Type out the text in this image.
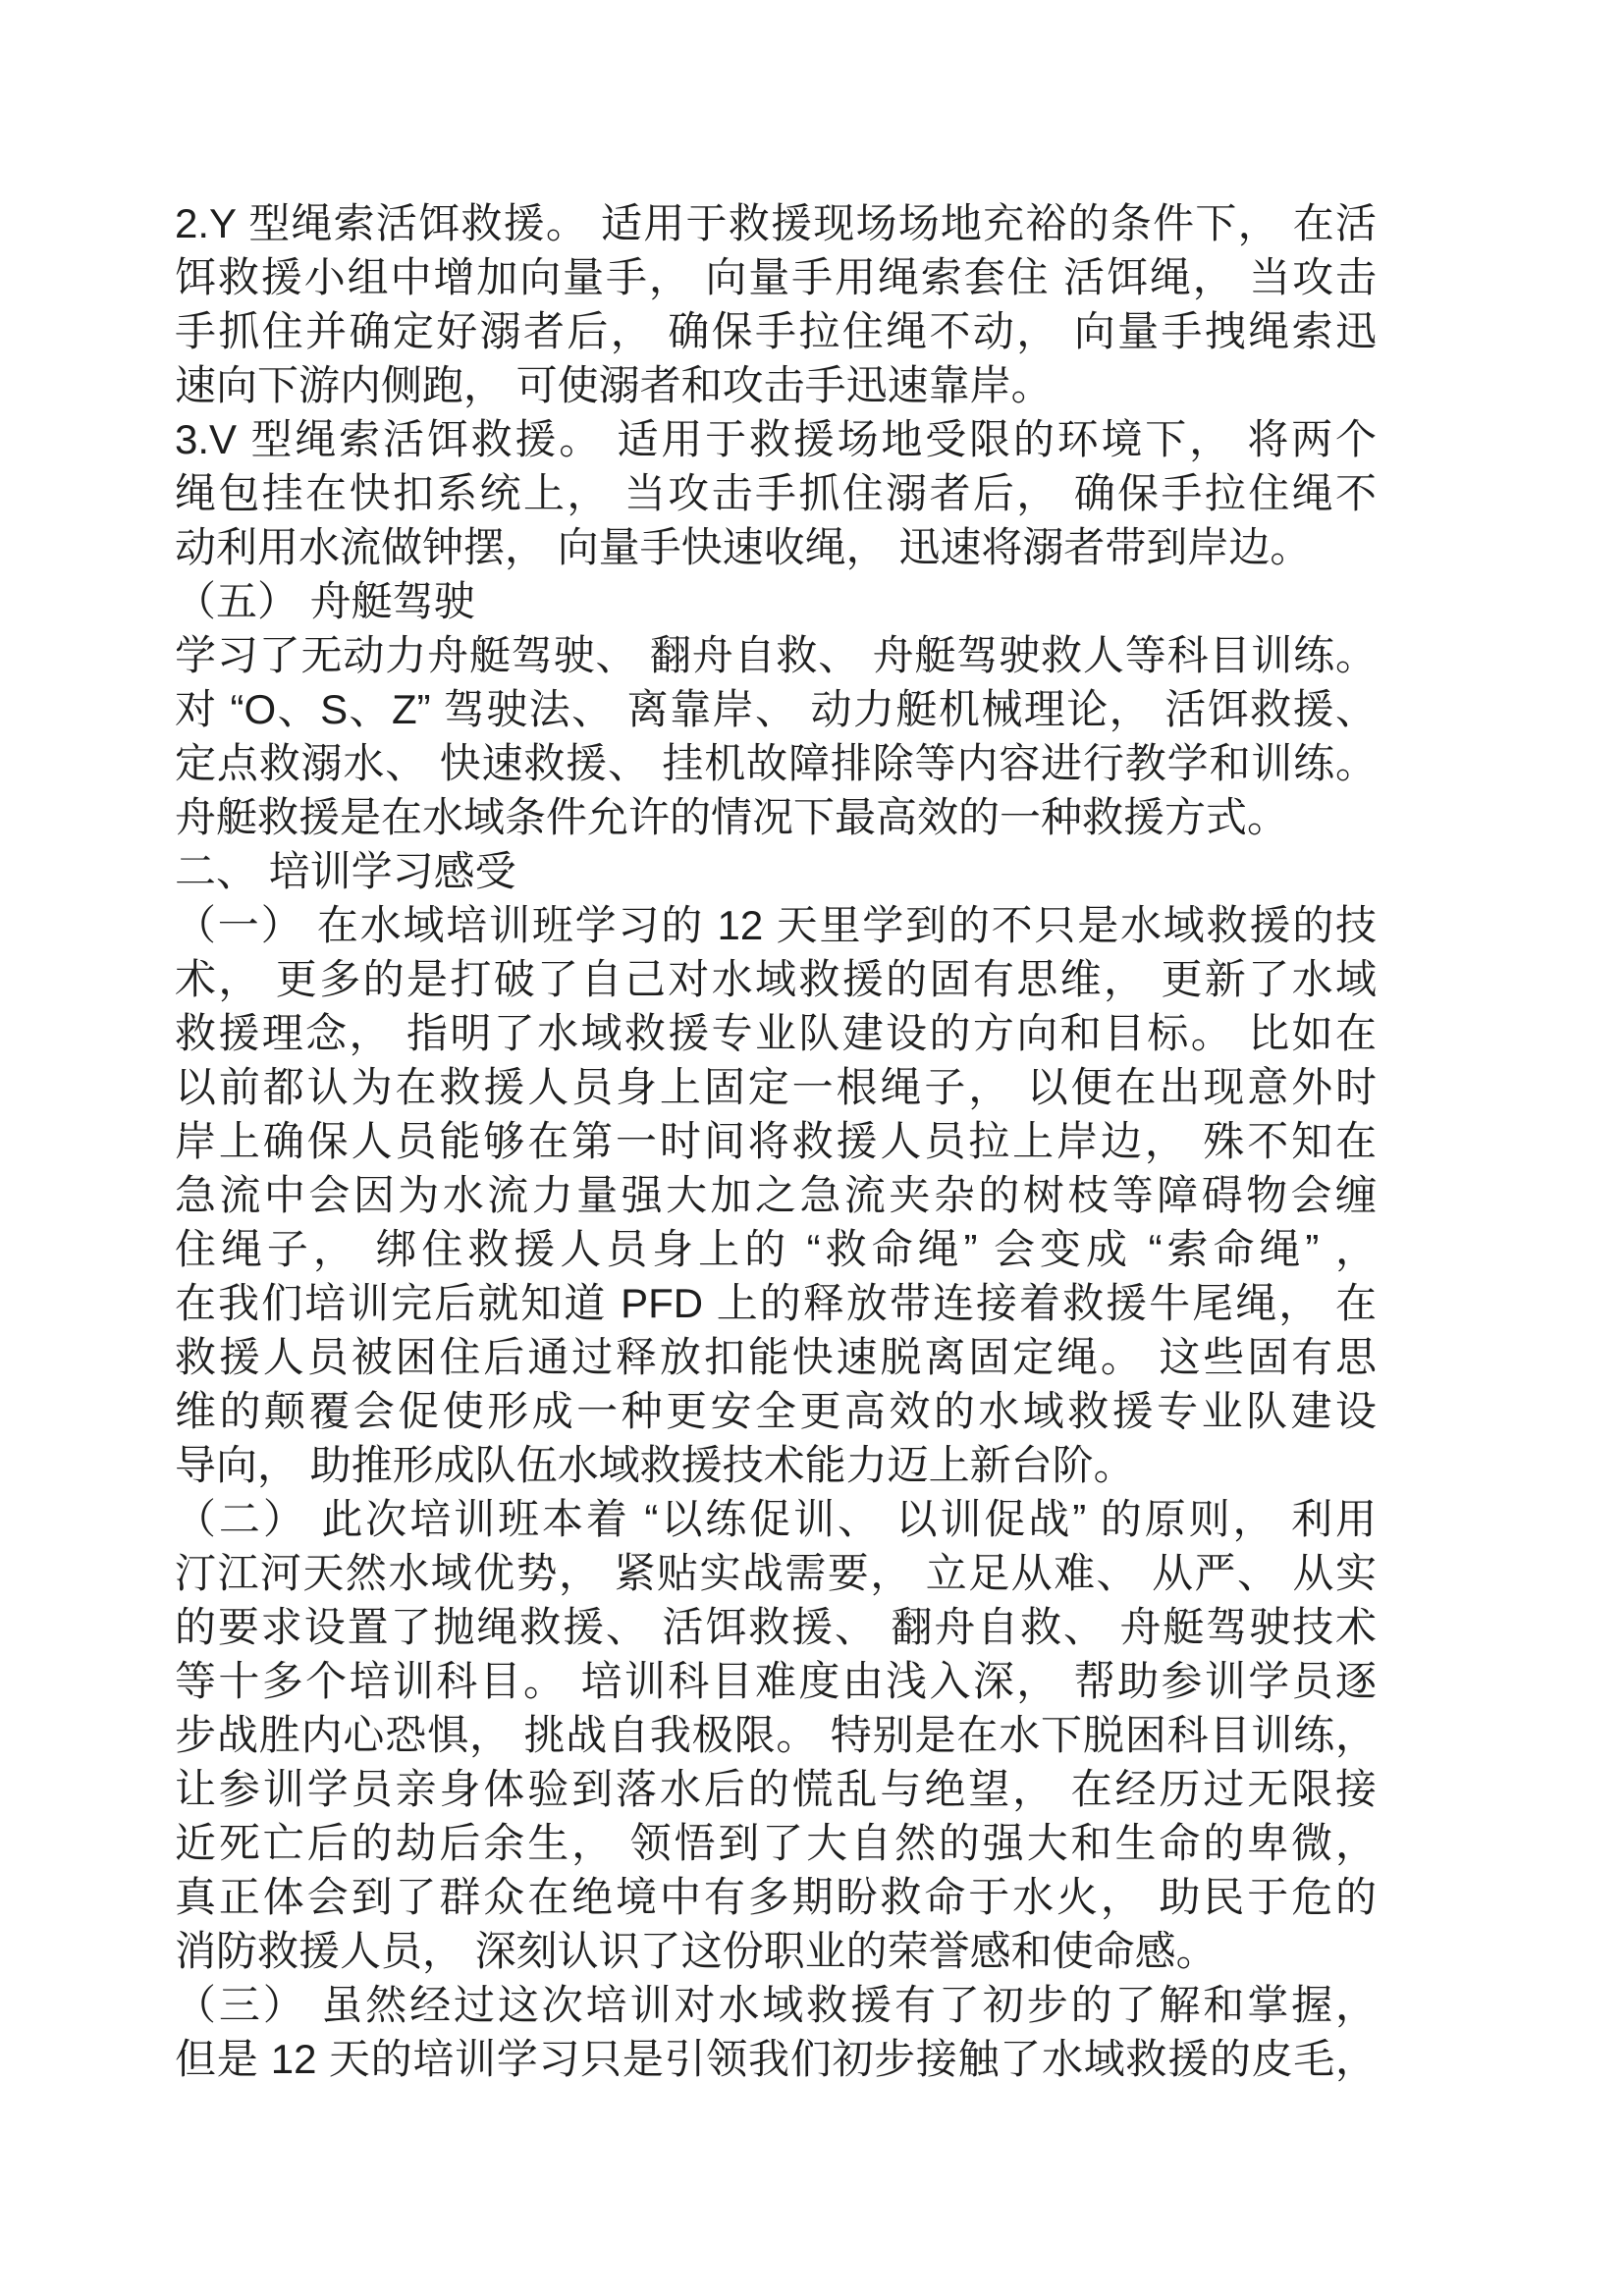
2.Y 型绳索活饵救援。 适用于救援现场场地充裕的条件下， 在活
饵救援小组中增加向量手， 向量手用绳索套住 活饵绳， 当攻击
手抓住并确定好溺者后， 确保手拉住绳不动， 向量手拽绳索迅
速向下游内侧跑， 可使溺者和攻击手迅速靠岸。
3.V 型绳索活饵救援。 适用于救援场地受限的环境下， 将两个
绳包挂在快扣系统上， 当攻击手抓住溺者后， 确保手拉住绳不
动利用水流做钟摆， 向量手快速收绳， 迅速将溺者带到岸边。
（五） 舟艇驾驶
学习了无动力舟艇驾驶、 翻舟自救、 舟艇驾驶救人等科目训练。
对 “O、S、Z” 驾驶法、 离靠岸、 动力艇机械理论， 活饵救援、
定点救溺水、 快速救援、 挂机故障排除等内容进行教学和训练。
舟艇救援是在水域条件允许的情况下最高效的一种救援方式。
二、 培训学习感受
（一） 在水域培训班学习的 12 天里学到的不只是水域救援的技
术， 更多的是打破了自己对水域救援的固有思维， 更新了水域
救援理念， 指明了水域救援专业队建设的方向和目标。 比如在
以前都认为在救援人员身上固定一根绳子， 以便在出现意外时
岸上确保人员能够在第一时间将救援人员拉上岸边， 殊不知在
急流中会因为水流力量强大加之急流夹杂的树枝等障碍物会缠
住绳子， 绑住救援人员身上的 “救命绳” 会变成 “索命绳” ，
在我们培训完后就知道 PFD 上的释放带连接着救援牛尾绳， 在
救援人员被困住后通过释放扣能快速脱离固定绳。 这些固有思
维的颠覆会促使形成一种更安全更高效的水域救援专业队建设
导向， 助推形成队伍水域救援技术能力迈上新台阶。
（二） 此次培训班本着 “以练促训、 以训促战” 的原则， 利用
汀江河天然水域优势， 紧贴实战需要， 立足从难、 从严、 从实
的要求设置了抛绳救援、 活饵救援、 翻舟自救、 舟艇驾驶技术
等十多个培训科目。 培训科目难度由浅入深， 帮助参训学员逐
步战胜内心恐惧， 挑战自我极限。 特别是在水下脱困科目训练，
让参训学员亲身体验到落水后的慌乱与绝望， 在经历过无限接
近死亡后的劫后余生， 领悟到了大自然的强大和生命的卑微，
真正体会到了群众在绝境中有多期盼救命于水火， 助民于危的
消防救援人员， 深刻认识了这份职业的荣誉感和使命感。
（三） 虽然经过这次培训对水域救援有了初步的了解和掌握，
但是 12 天的培训学习只是引领我们初步接触了水域救援的皮毛，
